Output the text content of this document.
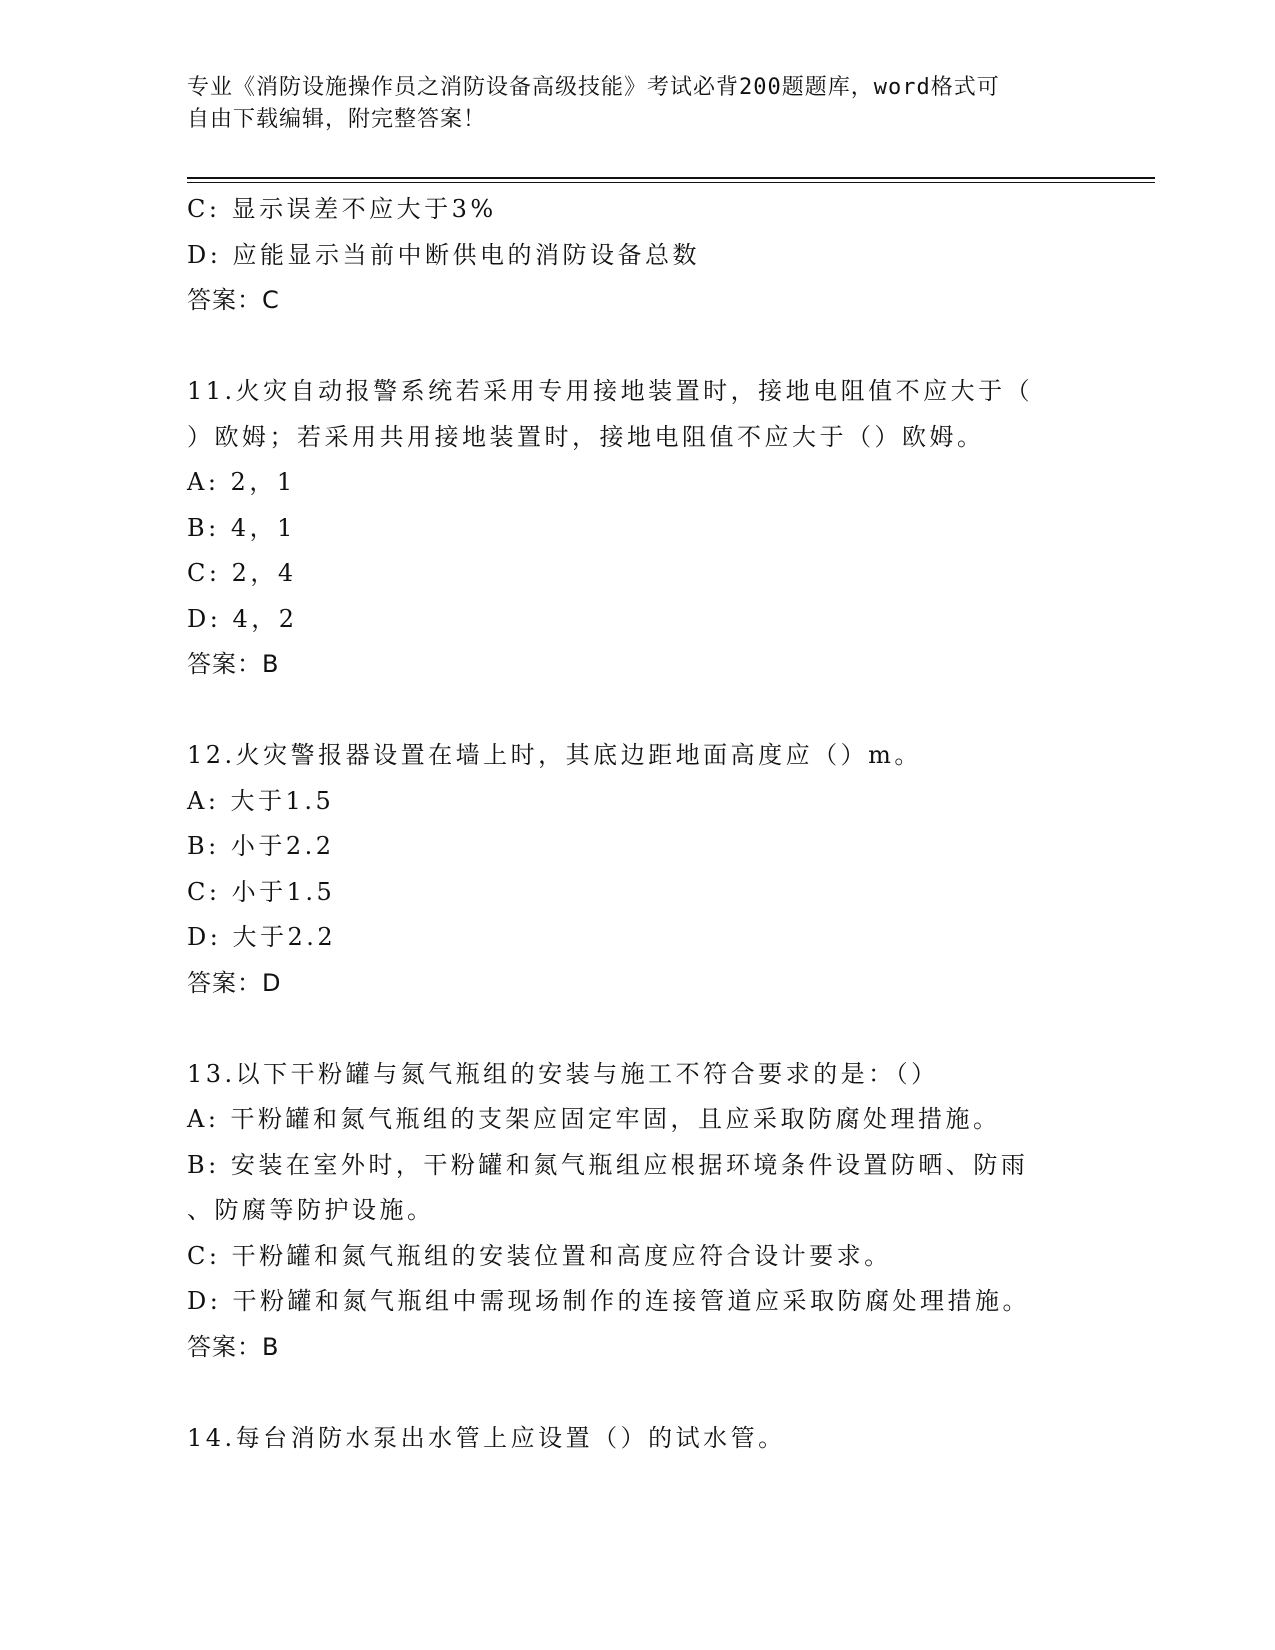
专业《消防设施操作员之消防设备高级技能》考试必背200题题库，word格式可
自由下载编辑，附完整答案！
C: 显示误差不应大于3%
D: 应能显示当前中断供电的消防设备总数
答案：C
11.火灾自动报警系统若采用专用接地装置时，接地电阻值不应大于（
）欧姆；若采用共用接地装置时，接地电阻值不应大于（）欧姆。
A: 2，1
B: 4，1
C: 2，4
D: 4，2
答案：B
12.火灾警报器设置在墙上时，其底边距地面高度应（）m。
A: 大于1.5
B: 小于2.2
C: 小于1.5
D: 大于2.2
答案：D
13.以下干粉罐与氮气瓶组的安装与施工不符合要求的是：（）
A: 干粉罐和氮气瓶组的支架应固定牢固，且应采取防腐处理措施。
B: 安装在室外时，干粉罐和氮气瓶组应根据环境条件设置防晒、防雨
、防腐等防护设施。
C: 干粉罐和氮气瓶组的安装位置和高度应符合设计要求。
D: 干粉罐和氮气瓶组中需现场制作的连接管道应采取防腐处理措施。
答案：B
14.每台消防水泵出水管上应设置（）的试水管。
